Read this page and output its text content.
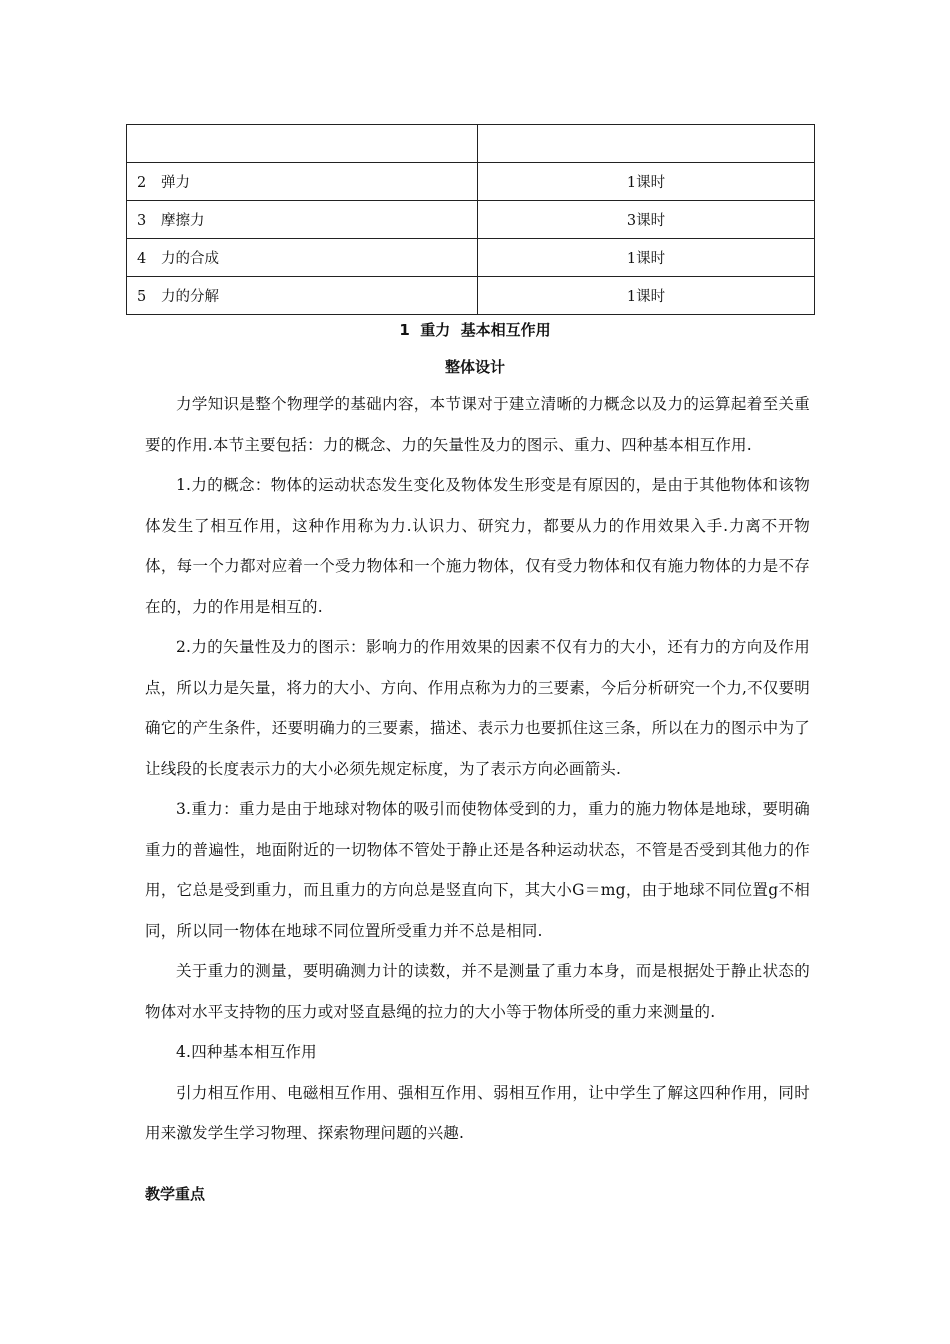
2 弹力	1课时
3 摩擦力	3课时
4 力的合成	1课时
5 力的分解	1课时
1  重力  基本相互作用
整体设计

力学知识是整个物理学的基础内容，本节课对于建立清晰的力概念以及力的运算起着至关重要的作用.本节主要包括：力的概念、力的矢量性及力的图示、重力、四种基本相互作用.

1.力的概念：物体的运动状态发生变化及物体发生形变是有原因的，是由于其他物体和该物体发生了相互作用，这种作用称为力.认识力、研究力，都要从力的作用效果入手.力离不开物体，每一个力都对应着一个受力物体和一个施力物体，仅有受力物体和仅有施力物体的力是不存在的，力的作用是相互的.

2.力的矢量性及力的图示：影响力的作用效果的因素不仅有力的大小，还有力的方向及作用点，所以力是矢量，将力的大小、方向、作用点称为力的三要素，今后分析研究一个力,不仅要明确它的产生条件，还要明确力的三要素，描述、表示力也要抓住这三条，所以在力的图示中为了让线段的长度表示力的大小必须先规定标度，为了表示方向必画箭头.

3.重力：重力是由于地球对物体的吸引而使物体受到的力，重力的施力物体是地球，要明确重力的普遍性，地面附近的一切物体不管处于静止还是各种运动状态，不管是否受到其他力的作用，它总是受到重力，而且重力的方向总是竖直向下，其大小G＝mg，由于地球不同位置g不相同，所以同一物体在地球不同位置所受重力并不总是相同.

关于重力的测量，要明确测力计的读数，并不是测量了重力本身，而是根据处于静止状态的物体对水平支持物的压力或对竖直悬绳的拉力的大小等于物体所受的重力来测量的.

4.四种基本相互作用

引力相互作用、电磁相互作用、强相互作用、弱相互作用，让中学生了解这四种作用，同时用来激发学生学习物理、探索物理问题的兴趣.

教学重点
